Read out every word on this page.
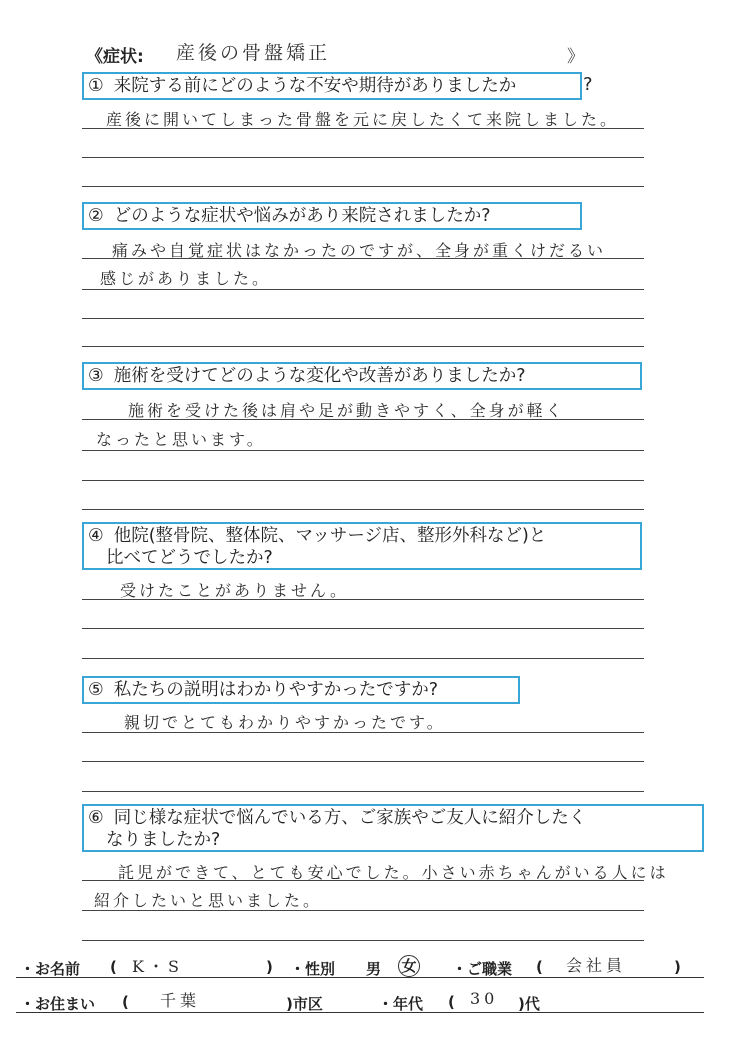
《症状: 産後の骨盤矯正	》
① 来院する前にどのような不安や期待がありましたか	?
産後に開いてしまった骨盤を元に戻したくて来院しました。
② どのような症状や悩みがあり来院されましたか?
痛みや自覚症状はなかったのですが、全身が重くけだるい
感じがありました。
③ 施術を受けてどのような変化や改善がありましたか?
施術を受けた後は肩や足が動きやすく、全身が軽く
なったと思います。
④ 他院(整骨院、整体院、マッサージ店、整形外科など)と
比べてどうでしたか?
受けたことがありません。
⑤ 私たちの説明はわかりやすかったですか?
親切でとてもわかりやすかったです。
⑥ 同じ様な症状で悩んでいる方、ご家族やご友人に紹介したく
なりましたか?
託児ができて、とても安心でした。小さい赤ちゃんがいる人には
紹介したいと思いました。
・お名前 ( K・S	) ・性別 男 女 ・ご職業 ( 会社員	)
・お住まい ( 千葉	)市区	・年代 ( 30 )代
